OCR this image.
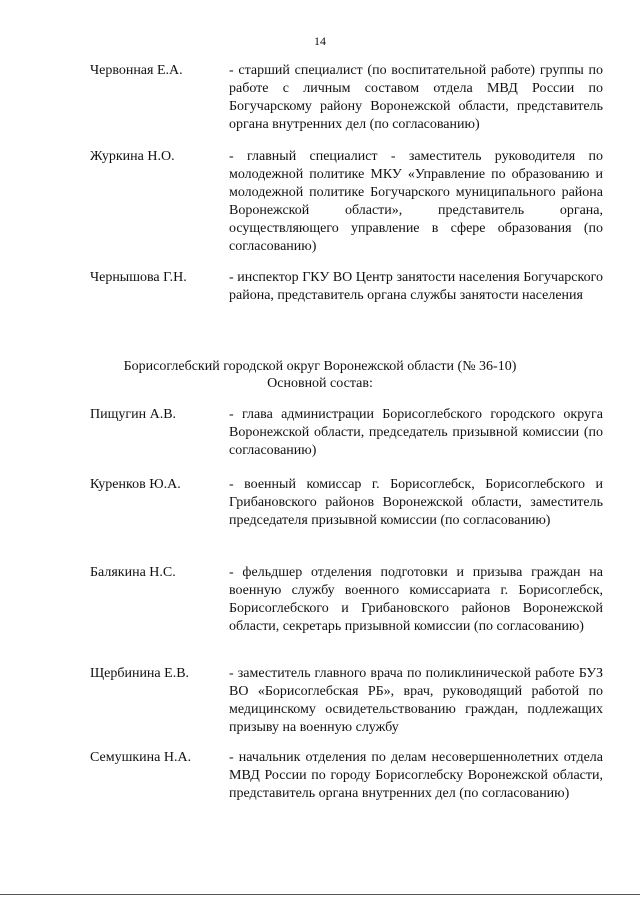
14
Червонная Е.А.	- старший специалист (по воспитательной работе) группы по работе с личным составом отдела МВД России по Богучарскому району Воронежской области, представитель органа внутренних дел (по согласованию)
Журкина Н.О.	- главный специалист - заместитель руководителя по молодежной политике МКУ «Управление по образованию и молодежной политике Богучарского муниципального района Воронежской области», представитель органа, осуществляющего управление в сфере образования (по согласованию)
Чернышова Г.Н.	- инспектор ГКУ ВО Центр занятости населения Богучарского района, представитель органа службы занятости населения
Борисоглебский городской округ Воронежской области (№ 36-10)
Основной состав:
Пищугин А.В.	- глава администрации Борисоглебского городского округа Воронежской области, председатель призывной комиссии (по согласованию)
Куренков Ю.А.	- военный комиссар г. Борисоглебск, Борисоглебского и Грибановского районов Воронежской области, заместитель председателя призывной комиссии (по согласованию)
Балякина Н.С.	- фельдшер отделения подготовки и призыва граждан на военную службу военного комиссариата г. Борисоглебск, Борисоглебского и Грибановского районов Воронежской области, секретарь призывной комиссии (по согласованию)
Щербинина Е.В.	- заместитель главного врача по поликлинической работе БУЗ ВО «Борисоглебская РБ», врач, руководящий работой по медицинскому освидетельствованию граждан, подлежащих призыву на военную службу
Семушкина Н.А.	- начальник отделения по делам несовершеннолетних отдела МВД России по городу Борисоглебску Воронежской области, представитель органа внутренних дел (по согласованию)
